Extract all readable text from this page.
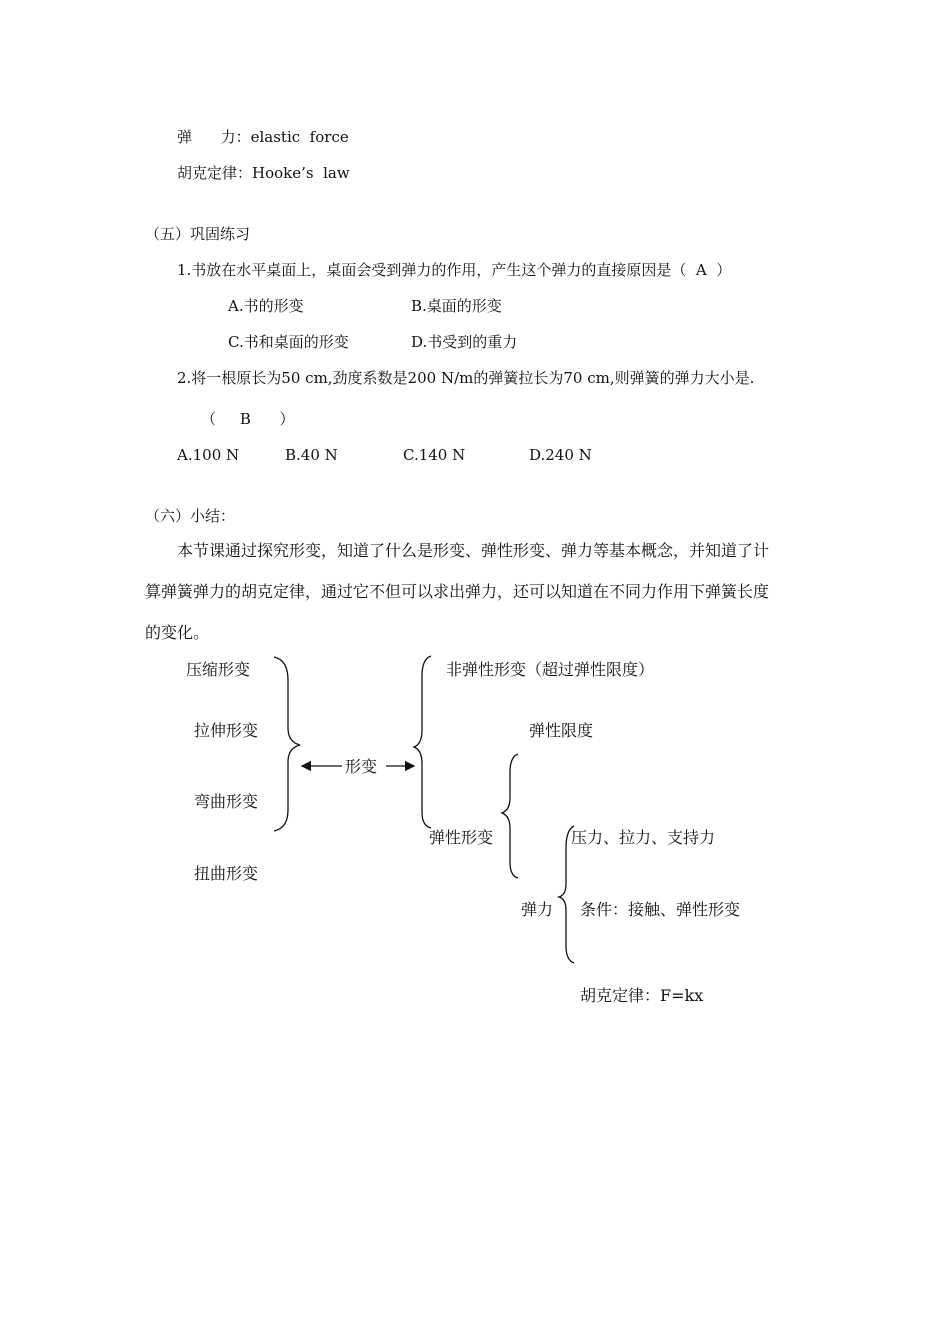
弹      力：elastic  force
胡克定律：Hooke’s  law
（五）巩固练习
1.书放在水平桌面上，桌面会受到弹力的作用，产生这个弹力的直接原因是（  A  ）
A.书的形变	B.桌面的形变
C.书和桌面的形变	D.书受到的重力
2.将一根原长为50 cm,劲度系数是200 N/m的弹簧拉长为70 cm,则弹簧的弹力大小是.
（     B      ）
A.100 N	B.40 N	C.140 N	D.240 N
（六）小结：
本节课通过探究形变，知道了什么是形变、弹性形变、弹力等基本概念，并知道了计
算弹簧弹力的胡克定律，通过它不但可以求出弹力，还可以知道在不同力作用下弹簧长度
的变化。
压缩形变
拉伸形变
弯曲形变
扭曲形变
形变
非弹性形变（超过弹性限度）
弹性限度
弹性形变
弹力
压力、拉力、支持力
条件：接触、弹性形变
胡克定律：F=kx
